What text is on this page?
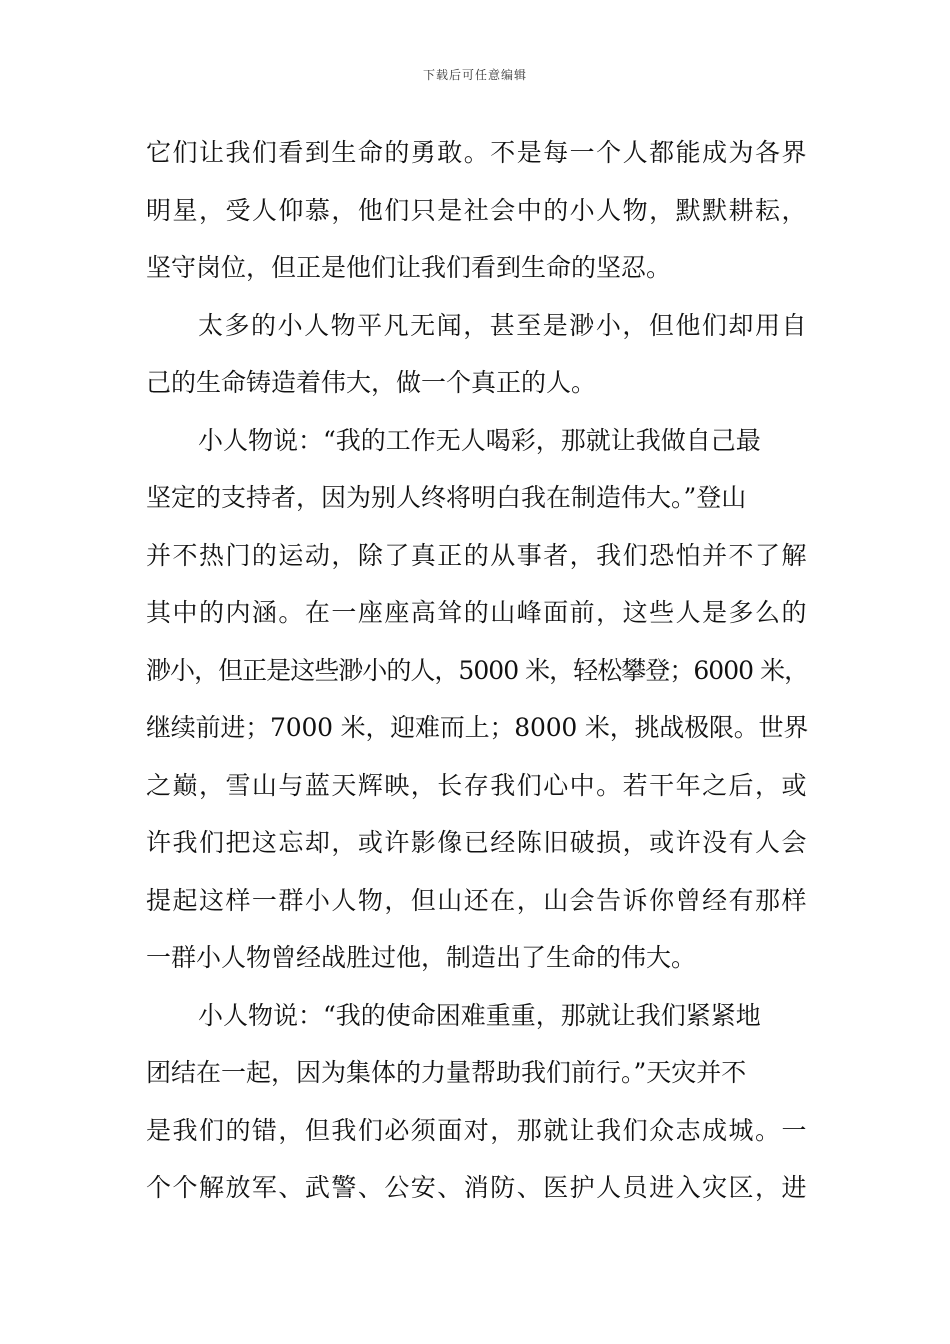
下载后可任意编辑
它们让我们看到生命的勇敢。不是每一个人都能成为各界
明星，受人仰慕，他们只是社会中的小人物，默默耕耘，
坚守岗位，但正是他们让我们看到生命的坚忍。
太多的小人物平凡无闻，甚至是渺小，但他们却用自
己的生命铸造着伟大，做一个真正的人。
小人物说：“我的工作无人喝彩，那就让我做自己最
坚定的支持者，因为别人终将明白我在制造伟大。”登山
并不热门的运动，除了真正的从事者，我们恐怕并不了解
其中的内涵。在一座座高耸的山峰面前，这些人是多么的
渺小，但正是这些渺小的人，5000 米，轻松攀登；6000 米，
继续前进；7000 米，迎难而上；8000 米，挑战极限。世界
之巅，雪山与蓝天辉映，长存我们心中。若干年之后，或
许我们把这忘却，或许影像已经陈旧破损，或许没有人会
提起这样一群小人物，但山还在，山会告诉你曾经有那样
一群小人物曾经战胜过他，制造出了生命的伟大。
小人物说：“我的使命困难重重，那就让我们紧紧地
团结在一起，因为集体的力量帮助我们前行。”天灾并不
是我们的错，但我们必须面对，那就让我们众志成城。一
个个解放军、武警、公安、消防、医护人员进入灾区，进
